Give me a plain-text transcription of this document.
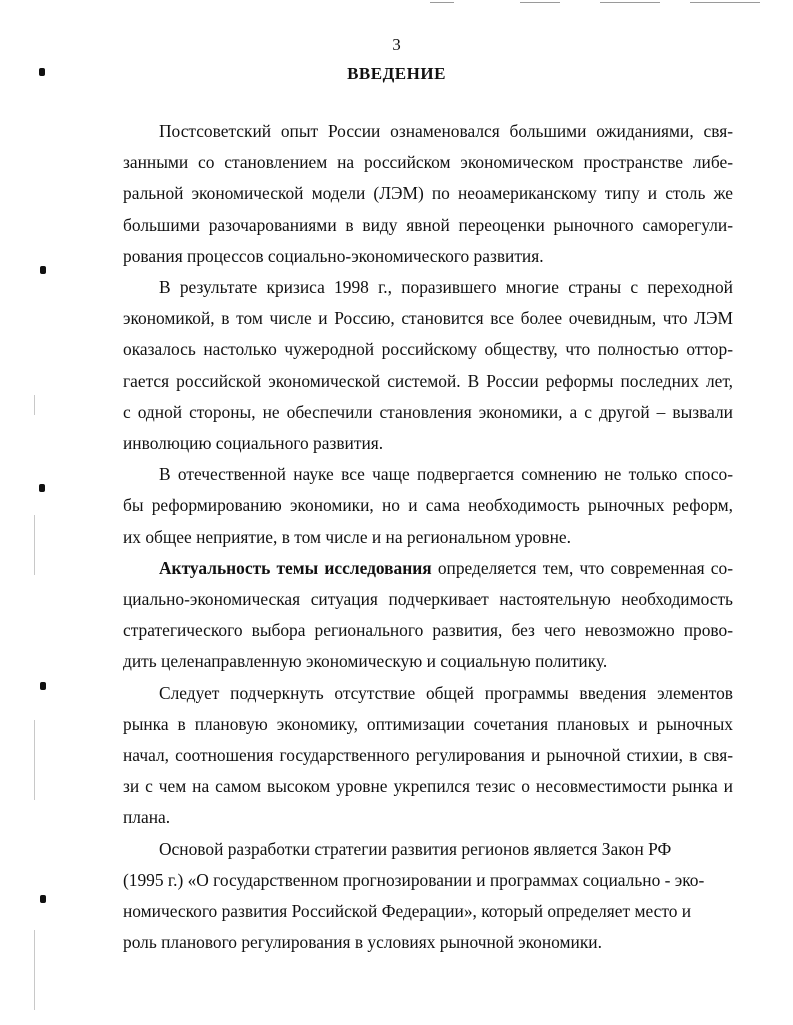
3
ВВЕДЕНИЕ
Постсоветский опыт России ознаменовался большими ожиданиями, свя-
занными со становлением на российском экономическом пространстве либе-
ральной экономической модели (ЛЭМ) по неоамериканскому типу и столь же
большими разочарованиями в виду явной переоценки рыночного саморегули-
рования процессов социально-экономического развития.
В результате кризиса 1998 г., поразившего многие страны с переходной
экономикой, в том числе и Россию, становится все более очевидным, что ЛЭМ
оказалось настолько чужеродной российскому обществу, что полностью оттор-
гается российской экономической системой. В России реформы последних лет,
с одной стороны, не обеспечили становления экономики, а с другой – вызвали
инволюцию социального развития.
В отечественной науке все чаще подвергается сомнению не только спосо-
бы реформированию экономики, но и сама необходимость рыночных реформ,
их общее неприятие, в том числе и на региональном уровне.
Актуальность темы исследования определяется тем, что современная со-
циально-экономическая ситуация подчеркивает настоятельную необходимость
стратегического выбора регионального развития, без чего невозможно прово-
дить целенаправленную экономическую и социальную политику.
Следует подчеркнуть отсутствие общей программы введения элементов
рынка в плановую экономику, оптимизации сочетания плановых и рыночных
начал, соотношения государственного регулирования и рыночной стихии, в свя-
зи с чем на самом высоком уровне укрепился тезис о несовместимости рынка и
плана.
Основой разработки стратегии развития регионов является Закон РФ
(1995 г.) «О государственном прогнозировании и программах социально - эко-
номического развития Российской Федерации», который определяет место и
роль планового регулирования в условиях рыночной экономики.
